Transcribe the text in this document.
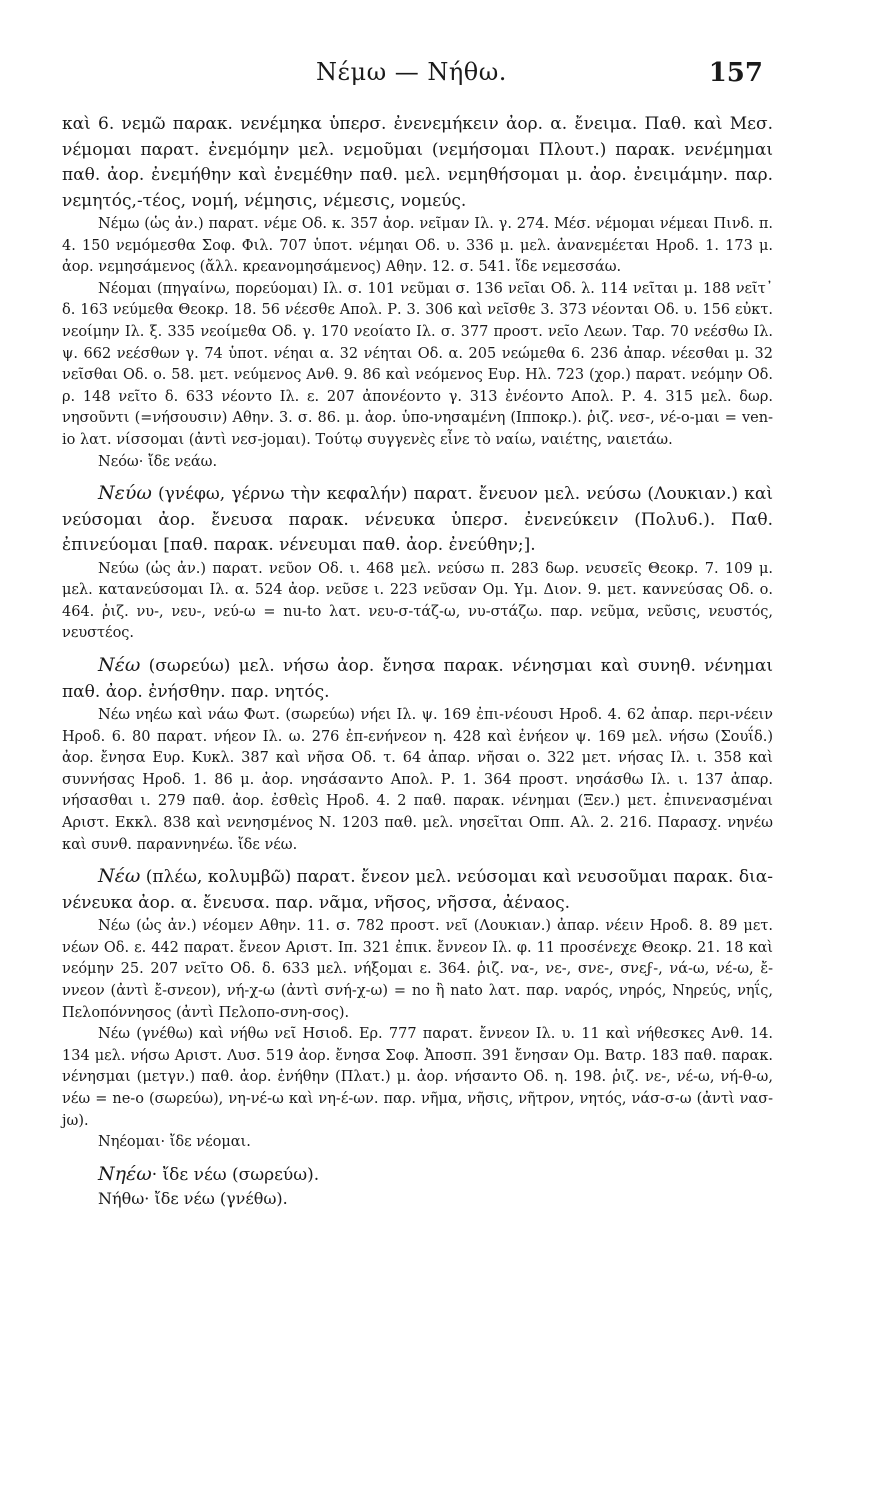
Νέμω — Νήθω.	157

καὶ 6. νεμῶ παρακ. νενέμηκα ὑπερσ. ἐνενεμήκειν ἀορ. α. ἔνειμα. Παθ. καὶ Μεσ. νέμομαι παρατ. ἐνεμόμην μελ. νεμοῦμαι (νεμήσομαι Πλουτ.) παρακ. νενέμημαι παθ. ἀορ. ἐνεμήθην καὶ ἐνεμέθην παθ. μελ. νεμηθήσομαι μ. ἀορ. ἐνειμάμην. παρ. νεμητός,-τέος, νομή, νέμησις, νέμεσις, νομεύς.

Νέμω (ὡς ἀν.) παρατ. νέμε Οδ. κ. 357 ἀορ. νεῖμαν Ιλ. γ. 274. Μέσ. νέμομαι νέμεαι Πινδ. π. 4. 150 νεμόμεσθα Σοφ. Φιλ. 707 ὑποτ. νέμηαι Οδ. υ. 336 μ. μελ. ἀνανεμέεται Ηροδ. 1. 173 μ. ἀορ. νεμησάμενος (ἄλλ. κρεανομησάμενος) Αθην. 12. σ. 541. ἴδε νεμεσσάω.

Νέομαι (πηγαίνω, πορεύομαι) Ιλ. σ. 101 νεῦμαι σ. 136 νεῖαι Οδ. λ. 114 νεῖται μ. 188 νεῖτ᾽ δ. 163 νεύμεθα Θεοκρ. 18. 56 νέεσθε Απολ. Ρ. 3. 306 καὶ νεῖσθε 3. 373 νέονται Οδ. υ. 156 εὐκτ. νεοίμην Ιλ. ξ. 335 νεοίμεθα Οδ. γ. 170 νεοίατο Ιλ. σ. 377 προστ. νεῖο Λεων. Ταρ. 70 νεέσθω Ιλ. ψ. 662 νεέσθων γ. 74 ὑποτ. νέηαι α. 32 νέηται Οδ. α. 205 νεώμεθα 6. 236 ἀπαρ. νέεσθαι μ. 32 νεῖσθαι Οδ. ο. 58. μετ. νεύμενος Ανθ. 9. 86 καὶ νεόμενος Ευρ. Ηλ. 723 (χορ.) παρατ. νεόμην Οδ. ρ. 148 νεῖτο δ. 633 νέοντο Ιλ. ε. 207 ἀπονέοντο γ. 313 ἐνέοντο Απολ. Ρ. 4. 315 μελ. δωρ. νησοῦντι (=νήσουσιν) Αθην. 3. σ. 86. μ. ἀορ. ὑπο-νησαμένη (Ιπποκρ.). ῥιζ. νεσ-, νέ-ο-μαι = ven-io λατ. νίσσομαι (ἀντὶ νεσ-jομαι). Τούτῳ συγγενὲς εἶνε τὸ ναίω, ναιέτης, ναιετάω.

Νεόω· ἴδε νεάω.

Νεύω (γνέφω, γέρνω τὴν κεφαλήν) παρατ. ἔνευον μελ. νεύσω (Λουκιαν.) καὶ νεύσομαι ἀορ. ἔνευσα παρακ. νένευκα ὑπερσ. ἐνενεύκειν (Πολυ6.). Παθ. ἐπινεύομαι [παθ. παρακ. νένευμαι παθ. ἀορ. ἐνεύθην;].

Νεύω (ὡς ἀν.) παρατ. νεῦον Οδ. ι. 468 μελ. νεύσω π. 283 δωρ. νευσεῖς Θεοκρ. 7. 109 μ. μελ. κατανεύσομαι Ιλ. α. 524 ἀορ. νεῦσε ι. 223 νεῦσαν Ομ. Υμ. Διον. 9. μετ. καννεύσας Οδ. ο. 464. ῥιζ. νυ-, νευ-, νεύ-ω = nu-to λατ. νευ-σ-τάζ-ω, νυ-στάζω. παρ. νεῦμα, νεῦσις, νευστός, νευστέος.

Νέω (σωρεύω) μελ. νήσω ἀορ. ἔνησα παρακ. νένησμαι καὶ συνηθ. νένημαι παθ. ἀορ. ἐνήσθην. παρ. νητός.

Νέω νηέω καὶ νάω Φωτ. (σωρεύω) νήει Ιλ. ψ. 169 ἐπι-νέουσι Ηροδ. 4. 62 ἀπαρ. περι-νέειν Ηροδ. 6. 80 παρατ. νήεον Ιλ. ω. 276 ἐπ-ενήνεον η. 428 καὶ ἐνήεον ψ. 169 μελ. νήσω (Σουΐδ.) ἀορ. ἔνησα Ευρ. Κυκλ. 387 καὶ νῆσα Οδ. τ. 64 ἀπαρ. νῆσαι ο. 322 μετ. νήσας Ιλ. ι. 358 καὶ συννήσας Ηροδ. 1. 86 μ. ἀορ. νησάσαντο Απολ. Ρ. 1. 364 προστ. νησάσθω Ιλ. ι. 137 ἀπαρ. νήσασθαι ι. 279 παθ. ἀορ. ἐσθεὶς Ηροδ. 4. 2 παθ. παρακ. νένημαι (Ξεν.) μετ. ἐπινενασμέναι Αριστ. Εκκλ. 838 καὶ νενησμένος Ν. 1203 παθ. μελ. νησεῖται Οππ. Αλ. 2. 216. Παρασχ. νηνέω καὶ συνθ. παραννηνέω. ἴδε νέω.

Νέω (πλέω, κολυμβῶ) παρατ. ἔνεον μελ. νεύσομαι καὶ νευσοῦμαι παρακ. δια-νένευκα ἀορ. α. ἔνευσα. παρ. νᾶμα, νῆσος, νῆσσα, ἀέναος.

Νέω (ὡς ἀν.) νέομεν Αθην. 11. σ. 782 προστ. νεῖ (Λουκιαν.) ἀπαρ. νέειν Ηροδ. 8. 89 μετ. νέων Οδ. ε. 442 παρατ. ἔνεον Αριστ. Ιπ. 321 ἐπικ. ἔννεον Ιλ. φ. 11 προσένεχε Θεοκρ. 21. 18 καὶ νεόμην 25. 207 νεῖτο Οδ. δ. 633 μελ. νήξομαι ε. 364. ῥιζ. να-, νε-, σνε-, σνεϝ-, νά-ω, νέ-ω, ἔ-ννεον (ἀντὶ ἔ-σνεον), νή-χ-ω (ἀντὶ σνή-χ-ω) = no ἢ nato λατ. παρ. ναρός, νηρός, Νηρεύς, νηΐς, Πελοπόννησος (ἀντὶ Πελοπο-σνη-σος).

Νέω (γνέθω) καὶ νήθω νεῖ Ησιοδ. Ερ. 777 παρατ. ἔννεον Ιλ. υ. 11 καὶ νήθεσκες Ανθ. 14. 134 μελ. νήσω Αριστ. Λυσ. 519 ἀορ. ἔνησα Σοφ. Ἀποσπ. 391 ἔνησαν Ομ. Βατρ. 183 παθ. παρακ. νένησμαι (μετγν.) παθ. ἀορ. ἐνήθην (Πλατ.) μ. ἀορ. νήσαντο Οδ. η. 198. ῥιζ. νε-, νέ-ω, νή-θ-ω, νέω = ne-o (σωρεύω), νη-νέ-ω καὶ νη-έ-ων. παρ. νῆμα, νῆσις, νῆτρον, νητός, νάσ-σ-ω (ἀντὶ νασ-jω).

Νηέομαι· ἴδε νέομαι.

Νηέω· ἴδε νέω (σωρεύω).

Νήθω· ἴδε νέω (γνέθω).
